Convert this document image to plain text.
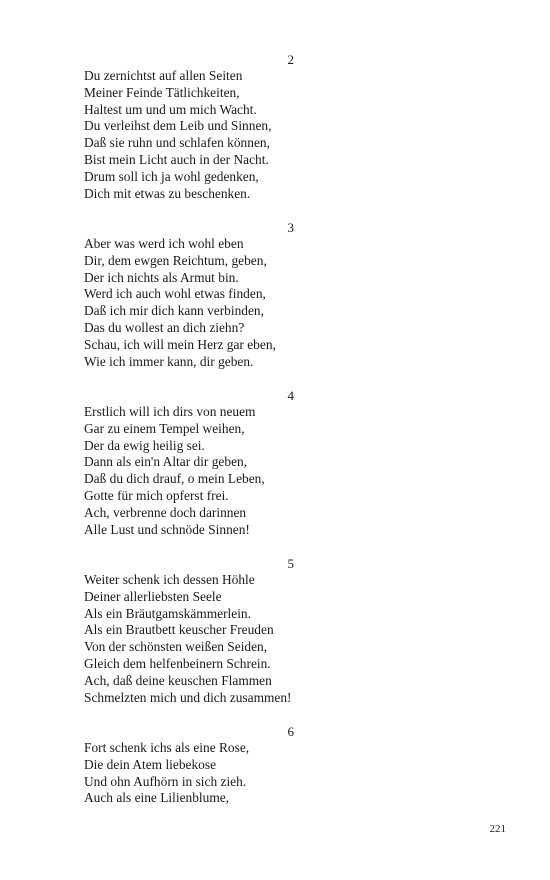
2
Du zernichtst auf allen Seiten
Meiner Feinde Tätlichkeiten,
Haltest um und um mich Wacht.
Du verleihst dem Leib und Sinnen,
Daß sie ruhn und schlafen können,
Bist mein Licht auch in der Nacht.
Drum soll ich ja wohl gedenken,
Dich mit etwas zu beschenken.
3
Aber was werd ich wohl eben
Dir, dem ewgen Reichtum, geben,
Der ich nichts als Armut bin.
Werd ich auch wohl etwas finden,
Daß ich mir dich kann verbinden,
Das du wollest an dich ziehn?
Schau, ich will mein Herz gar eben,
Wie ich immer kann, dir geben.
4
Erstlich will ich dirs von neuem
Gar zu einem Tempel weihen,
Der da ewig heilig sei.
Dann als ein'n Altar dir geben,
Daß du dich drauf, o mein Leben,
Gotte für mich opferst frei.
Ach, verbrenne doch darinnen
Alle Lust und schnöde Sinnen!
5
Weiter schenk ich dessen Höhle
Deiner allerliebsten Seele
Als ein Bräutgamskämmerlein.
Als ein Brautbett keuscher Freuden
Von der schönsten weißen Seiden,
Gleich dem helfenbeinern Schrein.
Ach, daß deine keuschen Flammen
Schmelzten mich und dich zusammen!
6
Fort schenk ichs als eine Rose,
Die dein Atem liebekose
Und ohn Aufhörn in sich zieh.
Auch als eine Lilienblume,
221
